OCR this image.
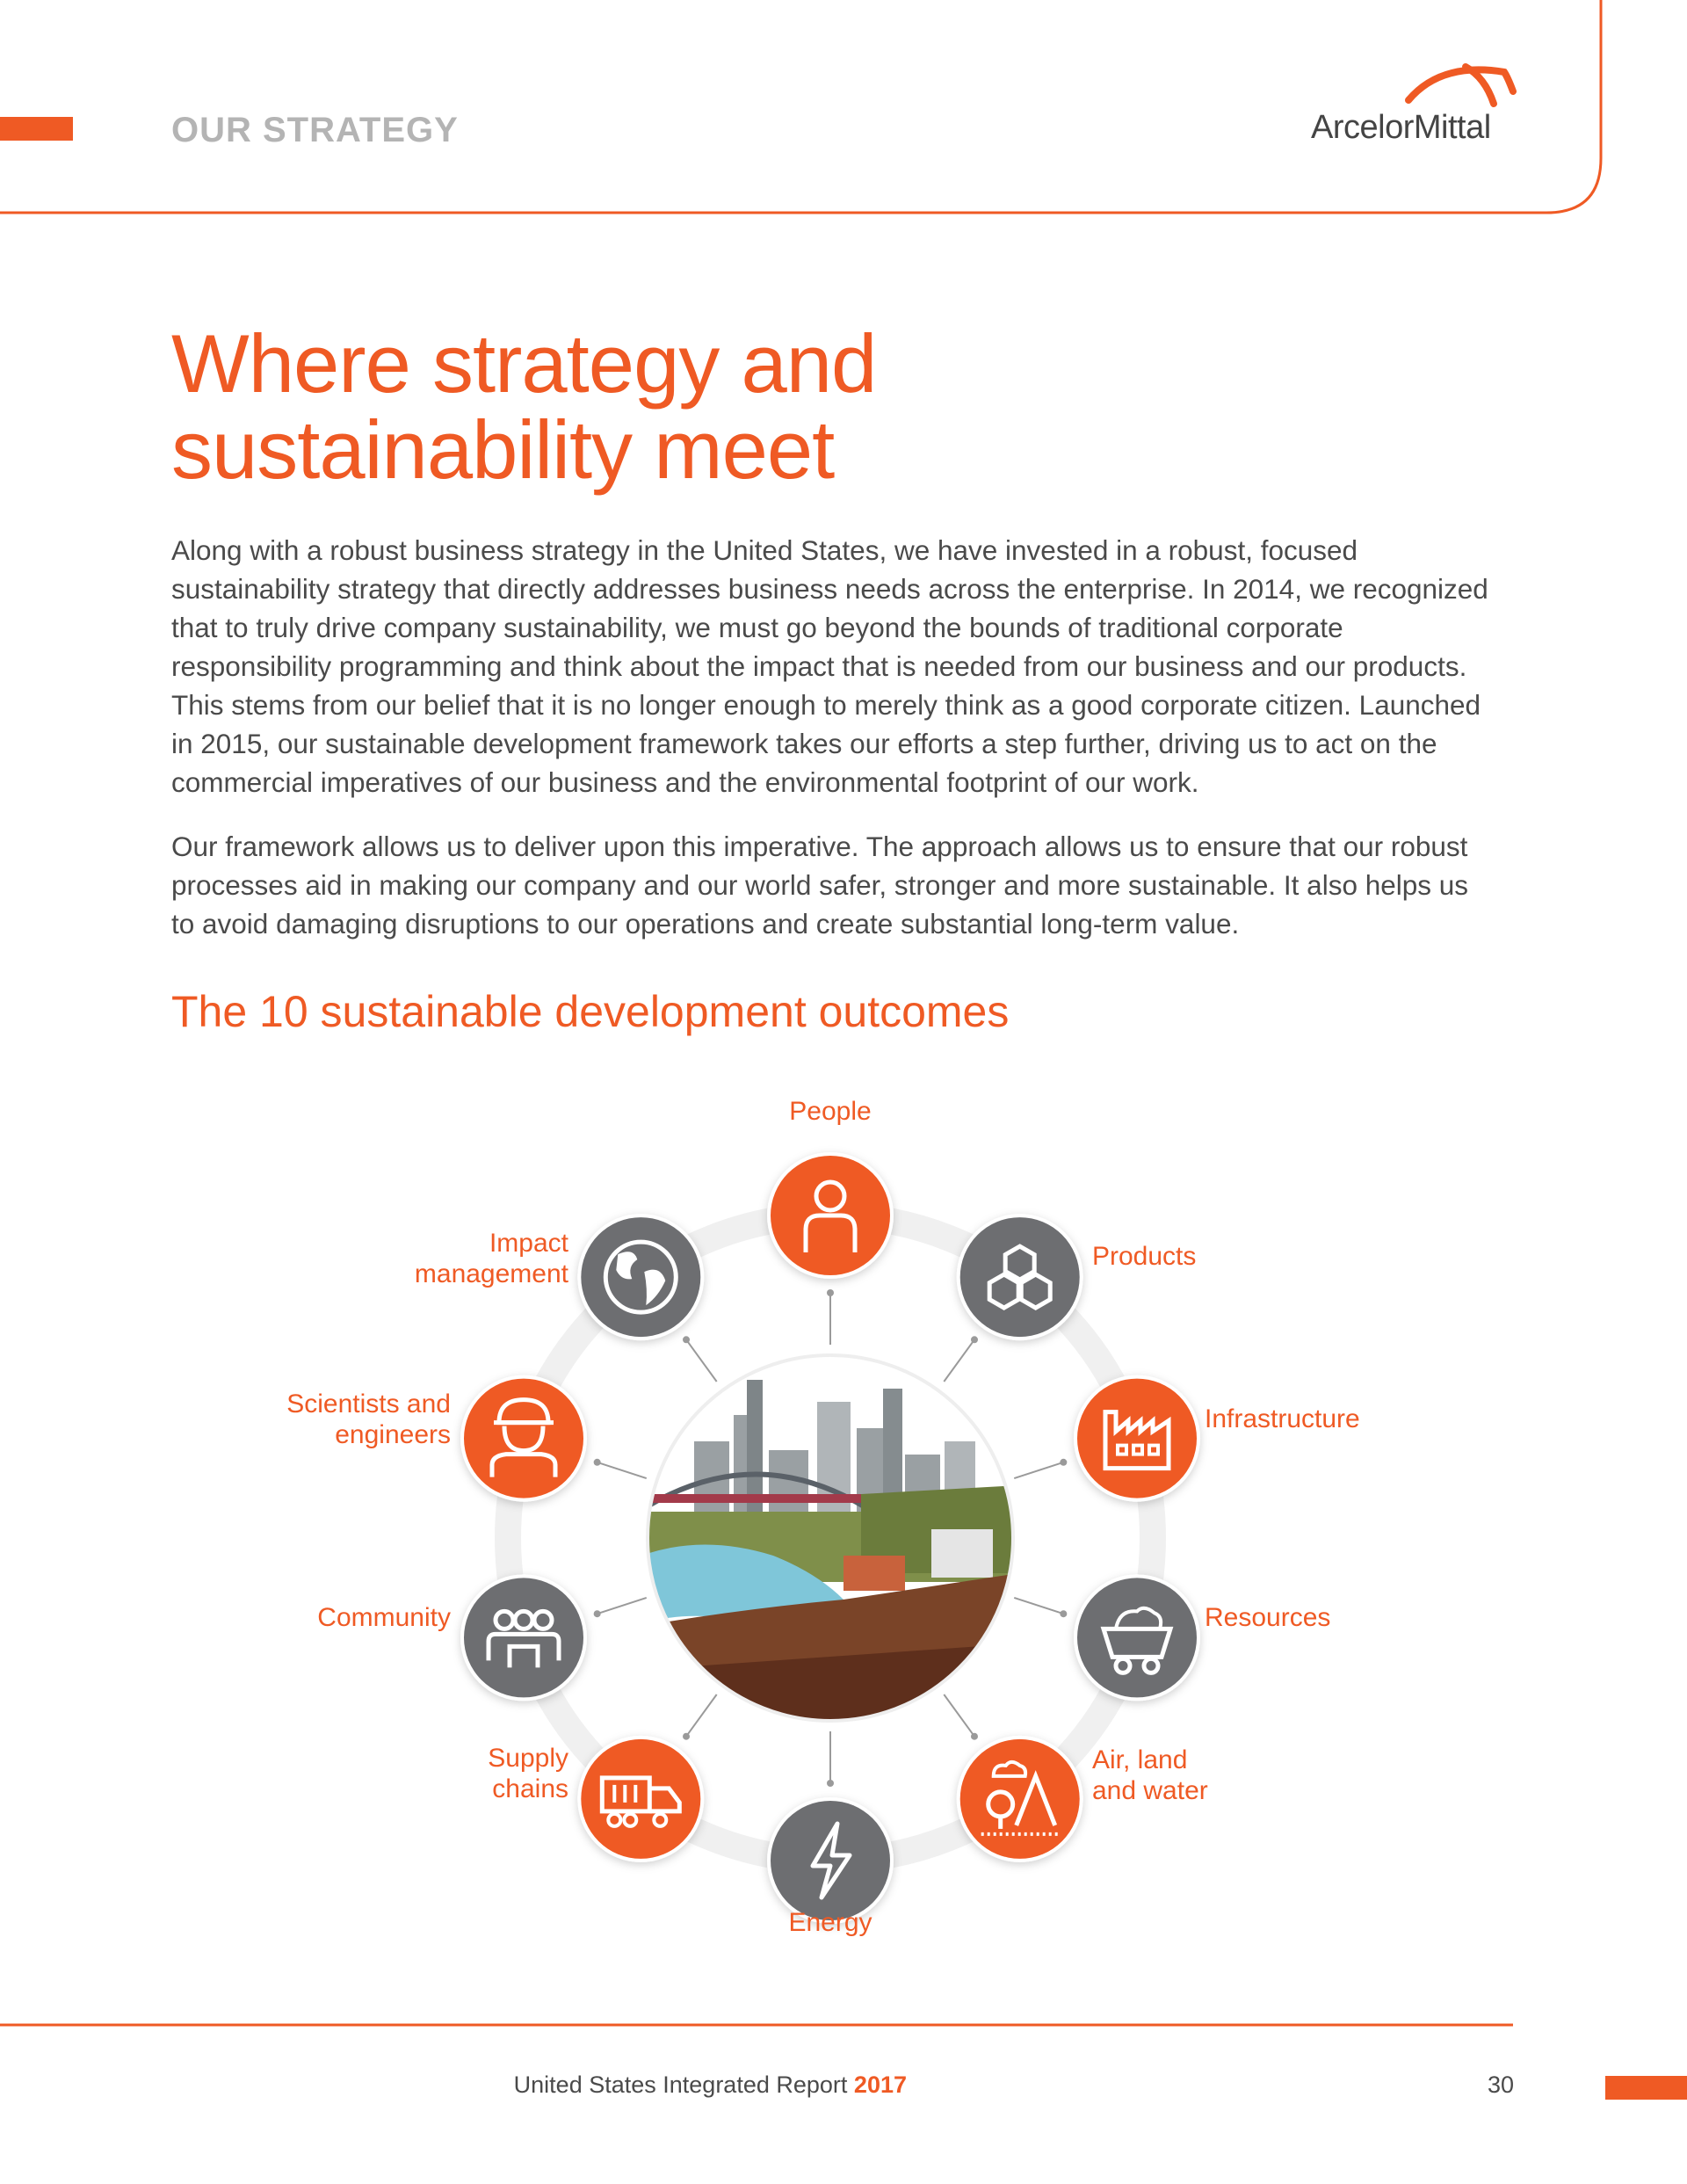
OUR STRATEGY	ArcelorMittal
Where strategy and
sustainability meet
Along with a robust business strategy in the United States, we have invested in a robust, focused sustainability strategy that directly addresses business needs across the enterprise. In 2014, we recognized that to truly drive company sustainability, we must go beyond the bounds of traditional corporate responsibility programming and think about the impact that is needed from our business and our products. This stems from our belief that it is no longer enough to merely think as a good corporate citizen. Launched in 2015, our sustainable development framework takes our efforts a step further, driving us to act on the commercial imperatives of our business and the environmental footprint of our work.
Our framework allows us to deliver upon this imperative. The approach allows us to ensure that our robust processes aid in making our company and our world safer, stronger and more sustainable. It also helps us to avoid damaging disruptions to our operations and create substantial long-term value.
The 10 sustainable development outcomes
People
Products
Infrastructure
Resources
Air, land
and water
Energy
Supply
chains
Community
Scientists and
engineers
Impact
management
United States Integrated Report 2017	30
